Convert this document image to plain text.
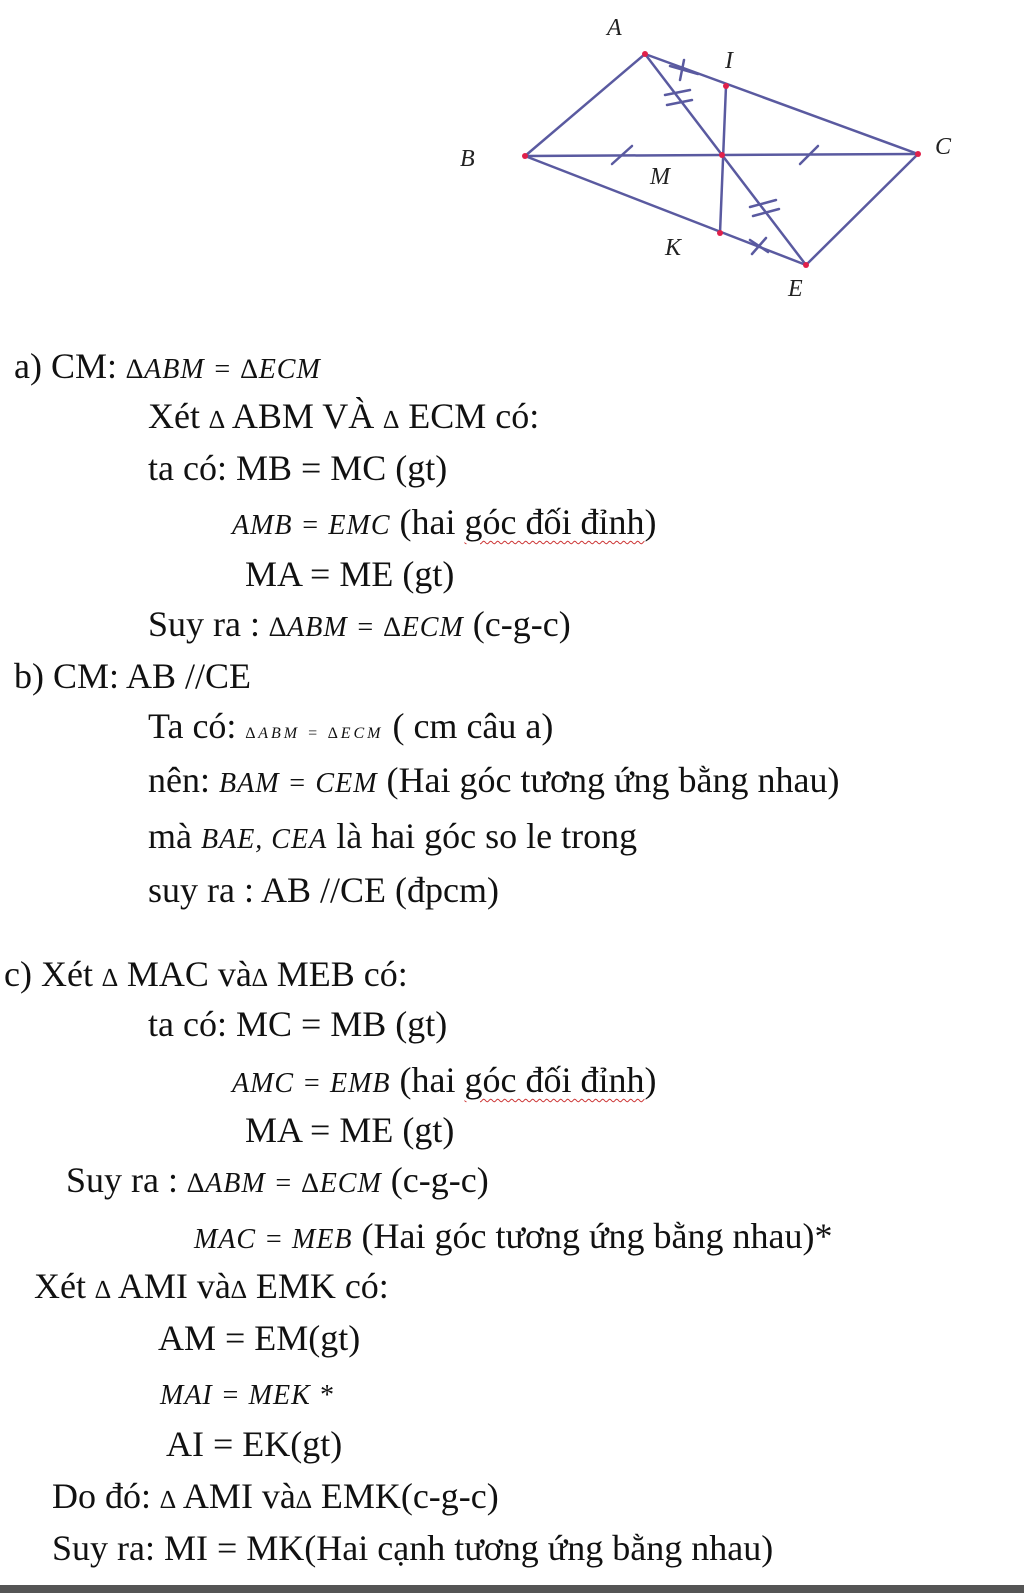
A
I
B	C
M
K
E
a) CM: ∆ABM = ∆ECM
Xét ∆ ABM VÀ ∆ ECM có:
ta có: MB = MC (gt)
AMB = EMC (hai góc đối đỉnh)
MA = ME (gt)
Suy ra : ∆ABM = ∆ECM (c-g-c)
b) CM: AB //CE
Ta có: ∆ABM = ∆ECM ( cm câu a)
nên: BAM = CEM (Hai góc tương ứng bằng nhau)
mà BAE, CEA là hai góc so le trong
suy ra : AB //CE (đpcm)
c) Xét ∆ MAC và∆ MEB có:
ta có: MC = MB (gt)
AMC = EMB (hai góc đối đỉnh)
MA = ME (gt)
Suy ra : ∆ABM = ∆ECM (c-g-c)
MAC = MEB (Hai góc tương ứng bằng nhau)*
Xét ∆ AMI và∆ EMK có:
AM = EM(gt)
MAI = MEK *
AI = EK(gt)
Do đó: ∆ AMI và∆ EMK(c-g-c)
Suy ra: MI = MK(Hai cạnh tương ứng bằng nhau)
